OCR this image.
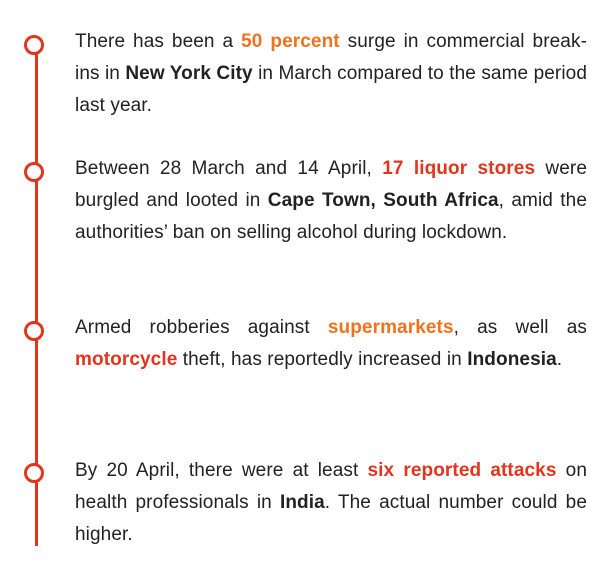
There has been a 50 percent surge in commercial break-ins in New York City in March compared to the same period last year.
Between 28 March and 14 April, 17 liquor stores were burgled and looted in Cape Town, South Africa, amid the authorities’ ban on selling alcohol during lockdown.
Armed robberies against supermarkets, as well as motorcycle theft, has reportedly increased in Indonesia.
By 20 April, there were at least six reported attacks on health professionals in India. The actual number could be higher.
